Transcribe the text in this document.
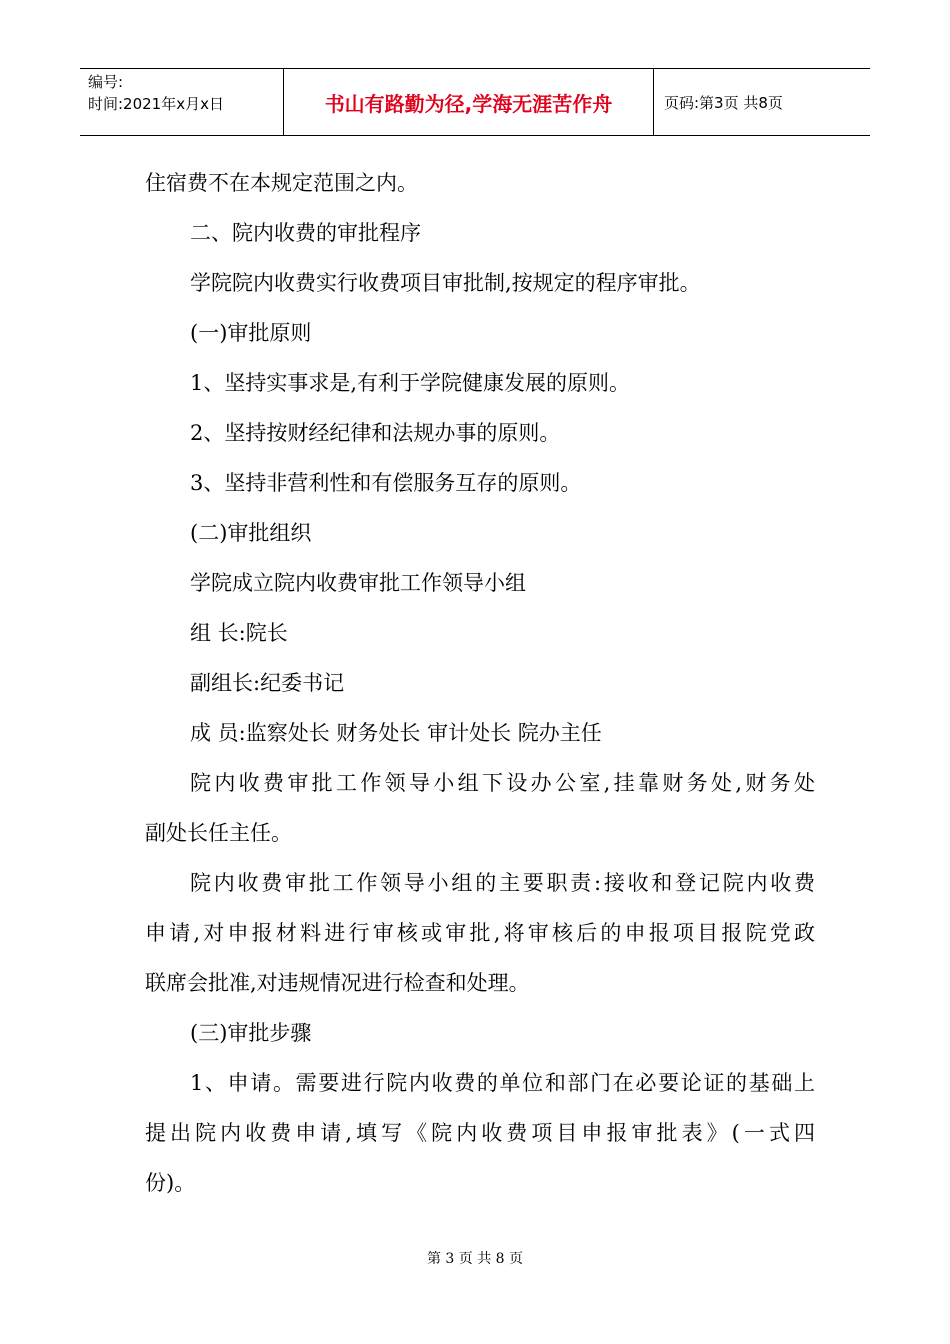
编号:
时间:2021年x月x日	书山有路勤为径,学海无涯苦作舟	页码:第3页 共8页
住宿费不在本规定范围之内。
二、院内收费的审批程序
学院院内收费实行收费项目审批制,按规定的程序审批。
(一)审批原则
1、坚持实事求是,有利于学院健康发展的原则。
2、坚持按财经纪律和法规办事的原则。
3、坚持非营利性和有偿服务互存的原则。
(二)审批组织
学院成立院内收费审批工作领导小组
组 长:院长
副组长:纪委书记
成 员:监察处长 财务处长 审计处长 院办主任
院内收费审批工作领导小组下设办公室,挂靠财务处,财务处
副处长任主任。
院内收费审批工作领导小组的主要职责:接收和登记院内收费
申请,对申报材料进行审核或审批,将审核后的申报项目报院党政
联席会批准,对违规情况进行检查和处理。
(三)审批步骤
1、申请。需要进行院内收费的单位和部门在必要论证的基础上
提出院内收费申请,填写《院内收费项目申报审批表》(一式四
份)。
第 3 页 共 8 页
